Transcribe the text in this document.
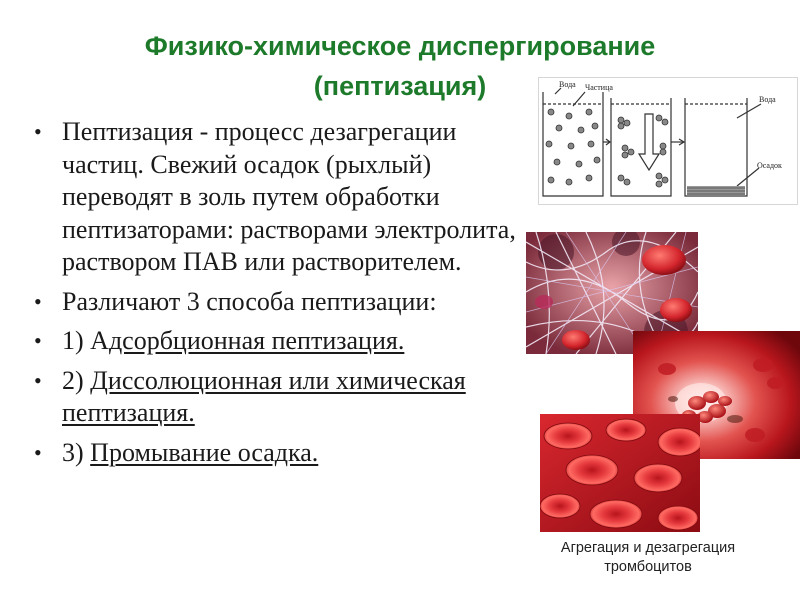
Физико-химическое диспергирование
(пептизация)
• Пептизация - процесс дезагрегации частиц. Свежий осадок (рыхлый) переводят в золь путем обработки пептизаторами: растворами электролита, раствором ПАВ или растворителем.
• Различают 3 способа пептизации:
• 1) Адсорбционная пептизация.
• 2) Диссолюционная или химическая пептизация.
• 3) Промывание осадка.
Вода Частица
Вода
Осадок
Агрегация и дезагрегация
тромбоцитов
